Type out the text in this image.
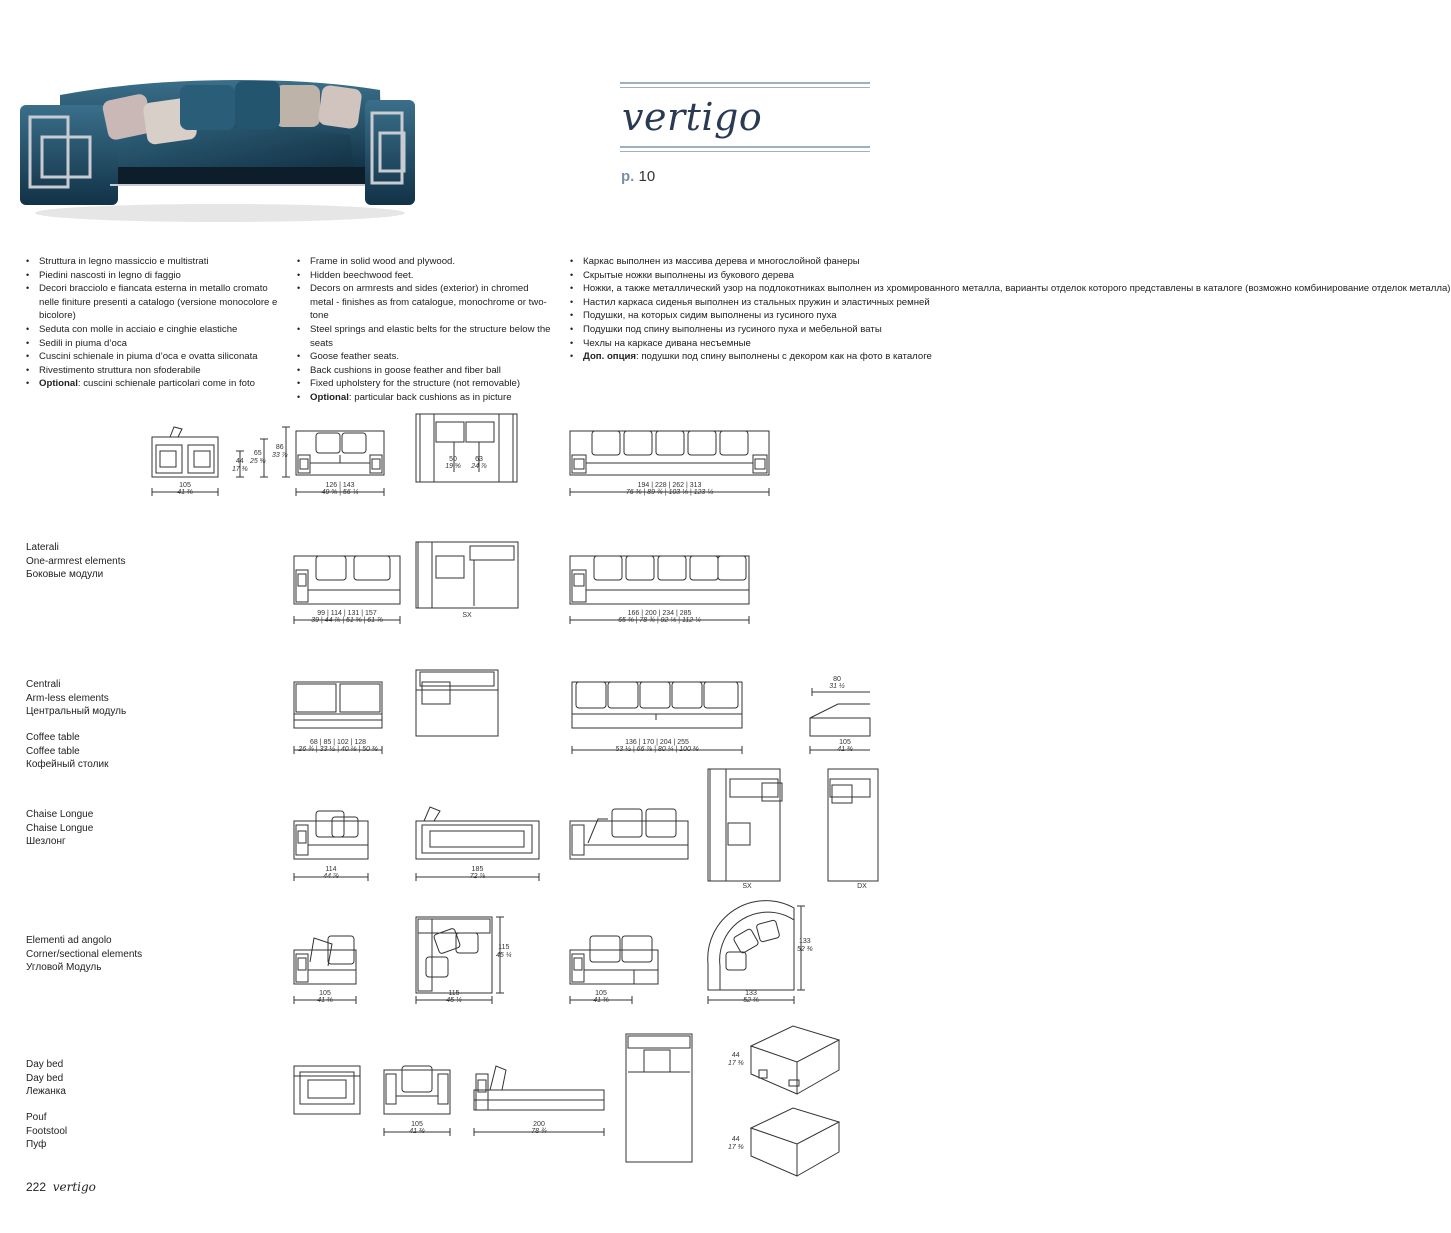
vertigo
p. 10
• Struttura in legno massiccio e multistrati
• Piedini nascosti in legno di faggio
• Decori bracciolo e fiancata esterna in metallo cromato nelle finiture presenti a catalogo (versione monocolore e bicolore)
• Seduta con molle in acciaio e cinghie elastiche
• Sedili in piuma d’oca
• Cuscini schienale in piuma d’oca e ovatta siliconata
• Rivestimento struttura non sfoderabile
• Optional: cuscini schienale particolari come in foto
• Frame in solid wood and plywood.
• Hidden beechwood feet.
• Decors on armrests and sides (exterior) in chromed metal - finishes as from catalogue, monochrome or two-tone
• Steel springs and elastic belts for the structure below the seats
• Goose feather seats.
• Back cushions in goose feather and fiber ball
• Fixed upholstery for the structure (not removable)
• Optional: particular back cushions as in picture
• Каркас выполнен из массива дерева и многослойной фанеры
• Скрытые ножки выполнены из букового дерева
• Ножки, а также металлический узор на подлокотниках выполнен из хромированного металла, варианты отделок которого представлены в каталоге (возможно комбинирование отделок металла)
• Настил каркаса сиденья выполнен из стальных пружин и эластичных ремней
• Подушки, на которых сидим выполнены из гусиного пуха
• Подушки под спину выполнены из гусиного пуха и мебельной ваты
• Чехлы на каркасе дивана несъемные
• Доп. опция: подушки под спину выполнены с декором как на фото в каталоге
Laterali
One-armrest elements
Боковые модули
Centrali
Arm-less elements
Центральный модуль
Coffee table
Coffee table
Кофейный столик
Chaise Longue
Chaise Longue
Шезлонг
Elementi ad angolo
Corner/sectional elements
Угловой Модуль
Day bed
Day bed
Лежанка
Pouf
Footstool
Пуф
105
41 ⅜
44
17 ⅜
65
25 ⅝
86
33 ⅞
126 | 143
49 ⅝ | 56 ¼
50
19 ⅝
63
24 ⅞
194 | 228 | 262 | 313
76 ⅜ | 89 ¾ | 103 ⅛ | 123 ¼
99 | 114 | 131 | 157
39 | 44 ⅞ | 51 ⅝ | 61 ⅞
SX	166 | 200 | 234 | 285
65 ⅜ | 78 ¾ | 92 ⅛ | 112 ¼
68 | 85 | 102 | 128
26 ¾ | 33 ½ | 40 ⅛ | 50 ⅜
136 | 170 | 204 | 255
53 ½ | 66 ⅞ | 80 ¼ | 100 ⅜
80
31 ½
105
41 ⅜
114
44 ⅞
185
72 ⅞
SX	DX
105
41 ⅜
115
45 ¼
115
45 ¼
105
41 ⅜
133
52 ⅜
133
52 ⅜
105
41 ⅜
200
78 ¾
44
17 ⅜
44
17 ⅜
222 vertigo
